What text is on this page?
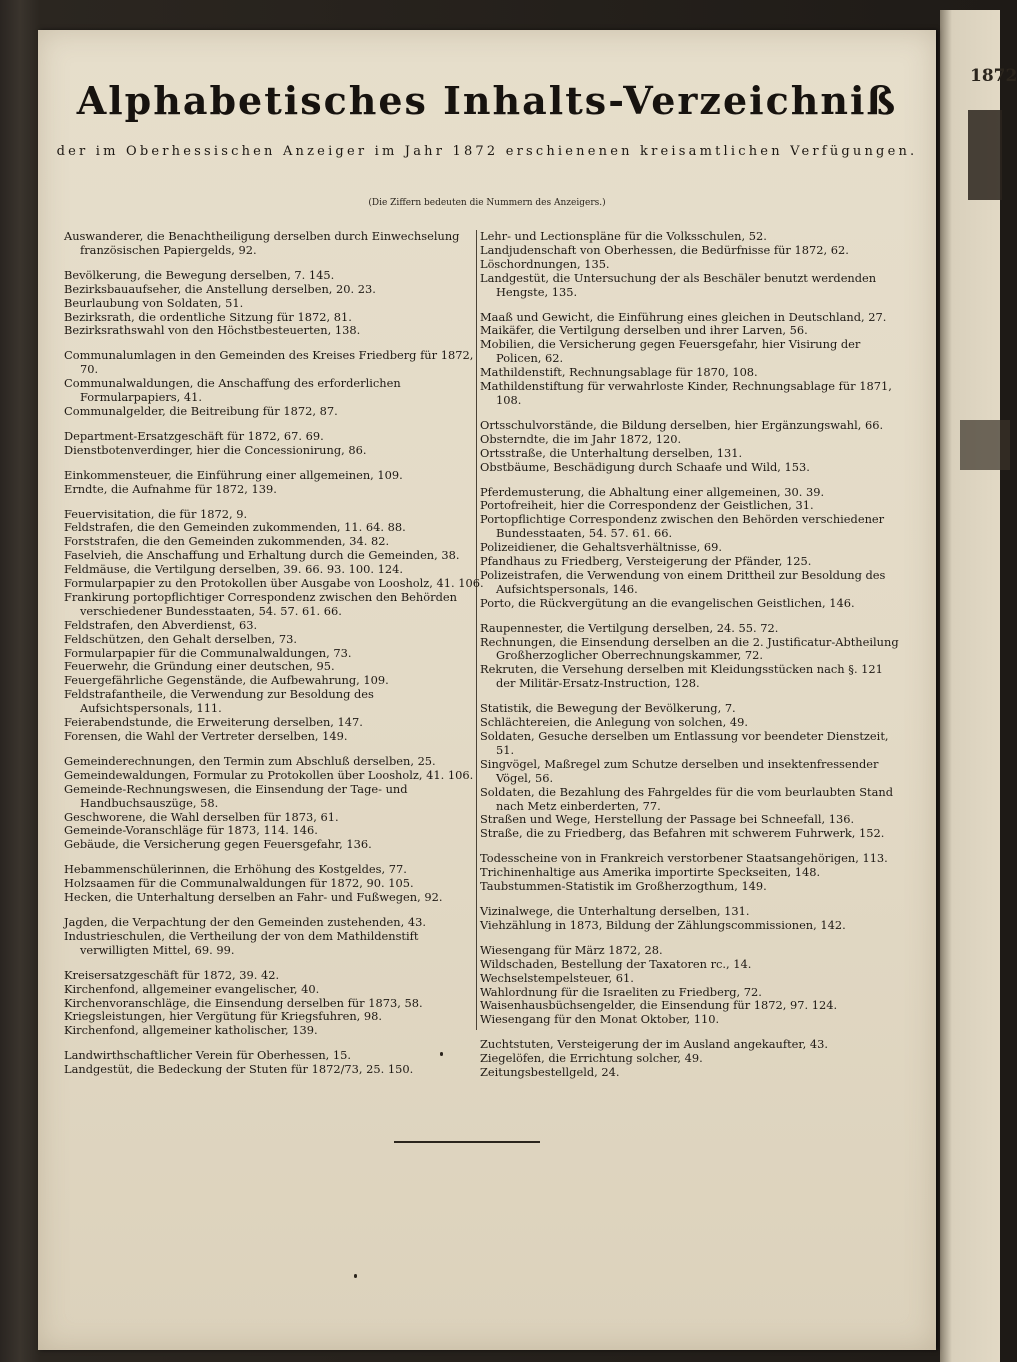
1872
Alphabetisches Inhalts-Verzeichniß
der im Oberhessischen Anzeiger im Jahr 1872 erschienenen kreisamtlichen Verfügungen.
(Die Ziffern bedeuten die Nummern des Anzeigers.)
Auswanderer, die Benachtheiligung derselben durch Einwechselung französischen Papiergelds, 92.
Bevölkerung, die Bewegung derselben, 7. 145.
Bezirksbauaufseher, die Anstellung derselben, 20. 23.
Beurlaubung von Soldaten, 51.
Bezirksrath, die ordentliche Sitzung für 1872, 81.
Bezirksrathswahl von den Höchstbesteuerten, 138.
Communalumlagen in den Gemeinden des Kreises Friedberg für 1872, 70.
Communalwaldungen, die Anschaffung des erforderlichen Formularpapiers, 41.
Communalgelder, die Beitreibung für 1872, 87.
Department-Ersatzgeschäft für 1872, 67. 69.
Dienstbotenverdinger, hier die Concessionirung, 86.
Einkommensteuer, die Einführung einer allgemeinen, 109.
Erndte, die Aufnahme für 1872, 139.
Feuervisitation, die für 1872, 9.
Feldstrafen, die den Gemeinden zukommenden, 11. 64. 88.
Forststrafen, die den Gemeinden zukommenden, 34. 82.
Faselvieh, die Anschaffung und Erhaltung durch die Gemeinden, 38.
Feldmäuse, die Vertilgung derselben, 39. 66. 93. 100. 124.
Formularpapier zu den Protokollen über Ausgabe von Loosholz, 41. 106.
Frankirung portopflichtiger Correspondenz zwischen den Behörden verschiedener Bundesstaaten, 54. 57. 61. 66.
Feldstrafen, den Abverdienst, 63.
Feldschützen, den Gehalt derselben, 73.
Formularpapier für die Communalwaldungen, 73.
Feuerwehr, die Gründung einer deutschen, 95.
Feuergefährliche Gegenstände, die Aufbewahrung, 109.
Feldstrafantheile, die Verwendung zur Besoldung des Aufsichtspersonals, 111.
Feierabendstunde, die Erweiterung derselben, 147.
Forensen, die Wahl der Vertreter derselben, 149.
Gemeinderechnungen, den Termin zum Abschluß derselben, 25.
Gemeindewaldungen, Formular zu Protokollen über Loosholz, 41. 106.
Gemeinde-Rechnungswesen, die Einsendung der Tage- und Handbuchsauszüge, 58.
Geschworene, die Wahl derselben für 1873, 61.
Gemeinde-Voranschläge für 1873, 114. 146.
Gebäude, die Versicherung gegen Feuersgefahr, 136.
Hebammenschülerinnen, die Erhöhung des Kostgeldes, 77.
Holzsaamen für die Communalwaldungen für 1872, 90. 105.
Hecken, die Unterhaltung derselben an Fahr- und Fußwegen, 92.
Jagden, die Verpachtung der den Gemeinden zustehenden, 43.
Industrieschulen, die Vertheilung der von dem Mathildenstift verwilligten Mittel, 69. 99.
Kreisersatzgeschäft für 1872, 39. 42.
Kirchenfond, allgemeiner evangelischer, 40.
Kirchenvoranschläge, die Einsendung derselben für 1873, 58.
Kriegsleistungen, hier Vergütung für Kriegsfuhren, 98.
Kirchenfond, allgemeiner katholischer, 139.
Landwirthschaftlicher Verein für Oberhessen, 15.
Landgestüt, die Bedeckung der Stuten für 1872/73, 25. 150.
Lehr- und Lectionspläne für die Volksschulen, 52.
Landjudenschaft von Oberhessen, die Bedürfnisse für 1872, 62.
Löschordnungen, 135.
Landgestüt, die Untersuchung der als Beschäler benutzt werdenden Hengste, 135.
Maaß und Gewicht, die Einführung eines gleichen in Deutschland, 27.
Maikäfer, die Vertilgung derselben und ihrer Larven, 56.
Mobilien, die Versicherung gegen Feuersgefahr, hier Visirung der Policen, 62.
Mathildenstift, Rechnungsablage für 1870, 108.
Mathildenstiftung für verwahrloste Kinder, Rechnungsablage für 1871, 108.
Ortsschulvorstände, die Bildung derselben, hier Ergänzungswahl, 66.
Obsterndte, die im Jahr 1872, 120.
Ortsstraße, die Unterhaltung derselben, 131.
Obstbäume, Beschädigung durch Schaafe und Wild, 153.
Pferdemusterung, die Abhaltung einer allgemeinen, 30. 39.
Portofreiheit, hier die Correspondenz der Geistlichen, 31.
Portopflichtige Correspondenz zwischen den Behörden verschiedener Bundesstaaten, 54. 57. 61. 66.
Polizeidiener, die Gehaltsverhältnisse, 69.
Pfandhaus zu Friedberg, Versteigerung der Pfänder, 125.
Polizeistrafen, die Verwendung von einem Drittheil zur Besoldung des Aufsichtspersonals, 146.
Porto, die Rückvergütung an die evangelischen Geistlichen, 146.
Raupennester, die Vertilgung derselben, 24. 55. 72.
Rechnungen, die Einsendung derselben an die 2. Justificatur-Abtheilung Großherzoglicher Oberrechnungskammer, 72.
Rekruten, die Versehung derselben mit Kleidungsstücken nach §. 121 der Militär-Ersatz-Instruction, 128.
Statistik, die Bewegung der Bevölkerung, 7.
Schlächtereien, die Anlegung von solchen, 49.
Soldaten, Gesuche derselben um Entlassung vor beendeter Dienstzeit, 51.
Singvögel, Maßregel zum Schutze derselben und insektenfressender Vögel, 56.
Soldaten, die Bezahlung des Fahrgeldes für die vom beurlaubten Stand nach Metz einberderten, 77.
Straßen und Wege, Herstellung der Passage bei Schneefall, 136.
Straße, die zu Friedberg, das Befahren mit schwerem Fuhrwerk, 152.
Todesscheine von in Frankreich verstorbener Staatsangehörigen, 113.
Trichinenhaltige aus Amerika importirte Speckseiten, 148.
Taubstummen-Statistik im Großherzogthum, 149.
Vizinalwege, die Unterhaltung derselben, 131.
Viehzählung in 1873, Bildung der Zählungscommissionen, 142.
Wiesengang für März 1872, 28.
Wildschaden, Bestellung der Taxatoren rc., 14.
Wechselstempelsteuer, 61.
Wahlordnung für die Israeliten zu Friedberg, 72.
Waisenhausbüchsengelder, die Einsendung für 1872, 97. 124.
Wiesengang für den Monat Oktober, 110.
Zuchtstuten, Versteigerung der im Ausland angekaufter, 43.
Ziegelöfen, die Errichtung solcher, 49.
Zeitungsbestellgeld, 24.
